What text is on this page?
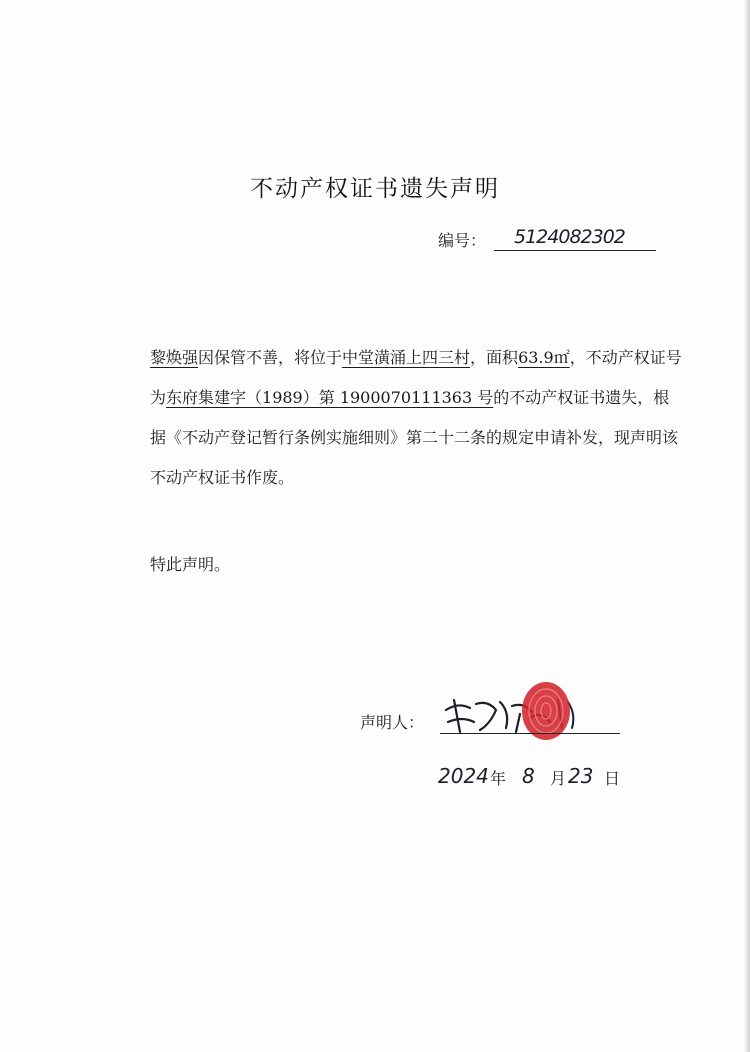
不动产权证书遗失声明
编号： 5124082302

黎焕强因保管不善，将位于中堂潢涌上四三村，面积63.9㎡，不动产权证号为东府集建字（1989）第 1900070111363 号的不动产权证书遗失，根据《不动产登记暂行条例实施细则》第二十二条的规定申请补发，现声明该不动产权证书作废。

特此声明。
声明人：
2024 年 8 月 23 日
